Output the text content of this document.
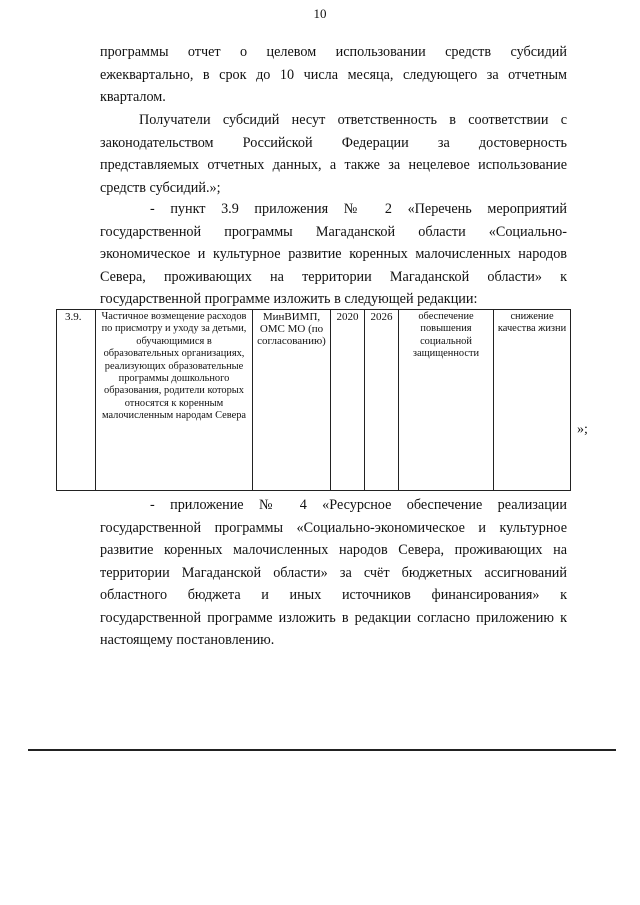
10

программы отчет о целевом использовании средств субсидий ежеквартально, в срок до 10 числа месяца, следующего за отчетным кварталом.

Получатели субсидий несут ответственность в соответствии с законодательством Российской Федерации за достоверность представляемых отчетных данных, а также за нецелевое использование средств субсидий.»;

- пункт 3.9 приложения № 2 «Перечень мероприятий государственной программы Магаданской области «Социально-экономическое и культурное развитие коренных малочисленных народов Севера, проживающих на территории Магаданской области» к государственной программе изложить в следующей редакции:

3.9.	Частичное возмещение расходов по присмотру и уходу за детьми, обучающимися в образовательных организациях, реализующих образовательные программы дошкольного образования, родители которых относятся к коренным малочисленным народам Севера	МинВИМП, ОМС МО (по согласованию)	2020	2026	обеспечение повышения социальной защищенности	снижение качества жизни
»;

- приложение № 4 «Ресурсное обеспечение реализации государственной программы «Социально-экономическое и культурное развитие коренных малочисленных народов Севера, проживающих на территории Магаданской области» за счёт бюджетных ассигнований областного бюджета и иных источников финансирования» к государственной программе изложить в редакции согласно приложению к настоящему постановлению.
